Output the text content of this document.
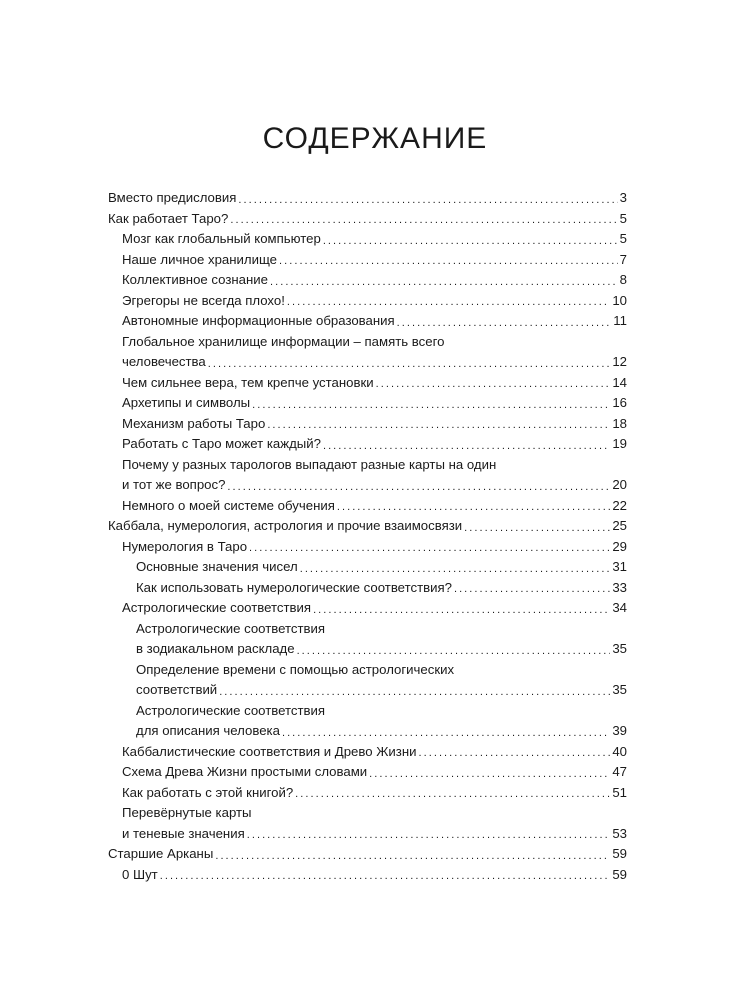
СОДЕРЖАНИЕ
Вместо предисловия . . .	3
Как работает Таро? . . .	5
Мозг как глобальный компьютер . . .	5
Наше личное хранилище . . .	7
Коллективное сознание . . .	8
Эгрегоры не всегда плохо! . . .	10
Автономные информационные образования . . .	11
Глобальное хранилище информации – память всего
человечества . . .	12
Чем сильнее вера, тем крепче установки . . .	14
Архетипы и символы . . .	16
Механизм работы Таро . . .	18
Работать с Таро может каждый? . . .	19
Почему у разных тарологов выпадают разные карты на один
и тот же вопрос? . . .	20
Немного о моей системе обучения . . .	22
Каббала, нумерология, астрология и прочие взаимосвязи . . .	25
Нумерология в Таро . . .	29
Основные значения чисел . . .	31
Как использовать нумерологические соответствия? . . .	33
Астрологические соответствия . . .	34
Астрологические соответствия
в зодиакальном раскладе . . .	35
Определение времени с помощью астрологических
соответствий . . .	35
Астрологические соответствия
для описания человека . . .	39
Каббалистические соответствия и Древо Жизни . . .	40
Схема Древа Жизни простыми словами . . .	47
Как работать с этой книгой? . . .	51
Перевёрнутые карты
и теневые значения . . .	53
Старшие Арканы . . .	59
0 Шут . . .	59
